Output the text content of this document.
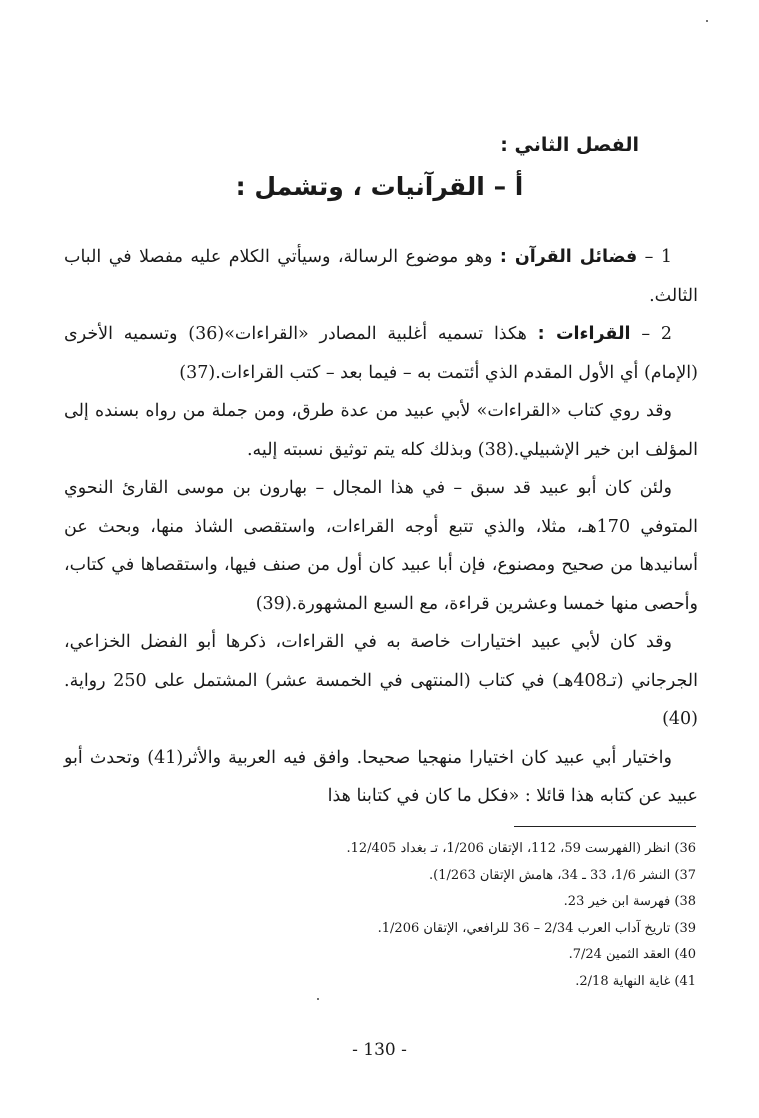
الفصل الثاني :
أ – القرآنيات ، وتشمل :

1 – فضائل القرآن : وهو موضوع الرسالة، وسيأتي الكلام عليه مفصلا في الباب الثالث.

2 – القراءات : هكذا تسميه أغلبية المصادر «القراءات»(36) وتسميه الأخرى (الإمام) أي الأول المقدم الذي أئتمت به – فيما بعد – كتب القراءات.(37)

وقد روي كتاب «القراءات» لأبي عبيد من عدة طرق، ومن جملة من رواه بسنده إلى المؤلف ابن خير الإشبيلي.(38) وبذلك كله يتم توثيق نسبته إليه.

ولئن كان أبو عبيد قد سبق – في هذا المجال – بهارون بن موسى القارئ النحوي المتوفي 170هـ، مثلا، والذي تتبع أوجه القراءات، واستقصى الشاذ منها، وبحث عن أسانيدها من صحيح ومصنوع، فإن أبا عبيد كان أول من صنف فيها، واستقصاها في كتاب، وأحصى منها خمسا وعشرين قراءة، مع السبع المشهورة.(39)

وقد كان لأبي عبيد اختيارات خاصة به في القراءات، ذكرها أبو الفضل الخزاعي، الجرجاني (تـ408هـ) في كتاب (المنتهى في الخمسة عشر) المشتمل على 250 رواية.(40)

واختيار أبي عبيد كان اختيارا منهجيا صحيحا. وافق فيه العربية والأثر(41) وتحدث أبو عبيد عن كتابه هذا قائلا : «فكل ما كان في كتابنا هذا

36) انظر (الفهرست 59، 112، الإتقان 1/206، تـ بغداد 12/405.
37) النشر 1/6، 33 ـ 34، هامش الإتقان 1/263).
38) فهرسة ابن خير 23.
39) تاريخ آداب العرب 2/34 – 36 للرافعي، الإتقان 1/206.
40) العقد الثمين 7/24.
41) غاية النهاية 2/18.
- 130 -
